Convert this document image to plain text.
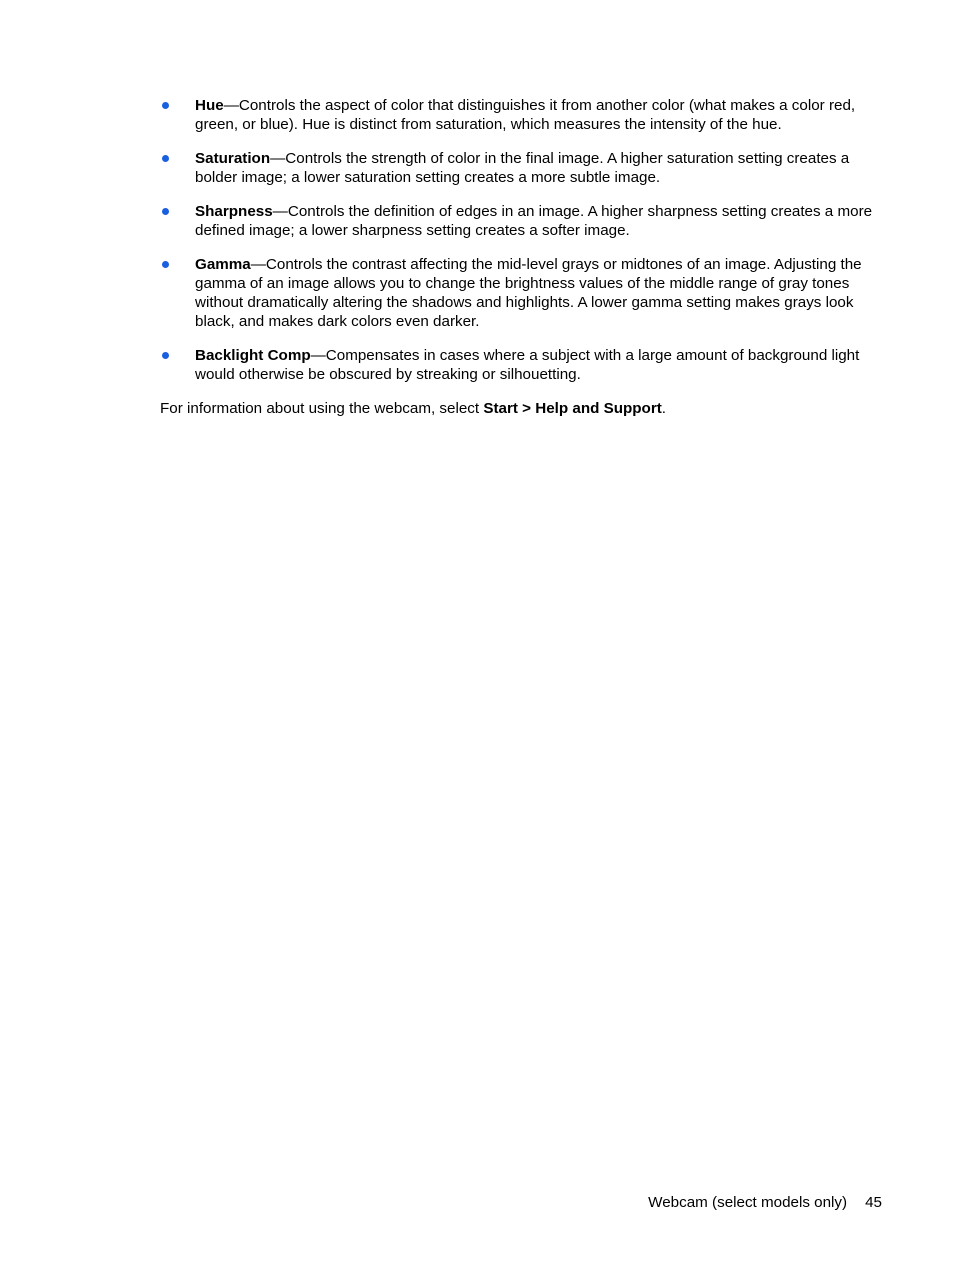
Hue—Controls the aspect of color that distinguishes it from another color (what makes a color red, green, or blue). Hue is distinct from saturation, which measures the intensity of the hue.
Saturation—Controls the strength of color in the final image. A higher saturation setting creates a bolder image; a lower saturation setting creates a more subtle image.
Sharpness—Controls the definition of edges in an image. A higher sharpness setting creates a more defined image; a lower sharpness setting creates a softer image.
Gamma—Controls the contrast affecting the mid-level grays or midtones of an image. Adjusting the gamma of an image allows you to change the brightness values of the middle range of gray tones without dramatically altering the shadows and highlights. A lower gamma setting makes grays look black, and makes dark colors even darker.
Backlight Comp—Compensates in cases where a subject with a large amount of background light would otherwise be obscured by streaking or silhouetting.

For information about using the webcam, select Start > Help and Support.

Webcam (select models only) 45
